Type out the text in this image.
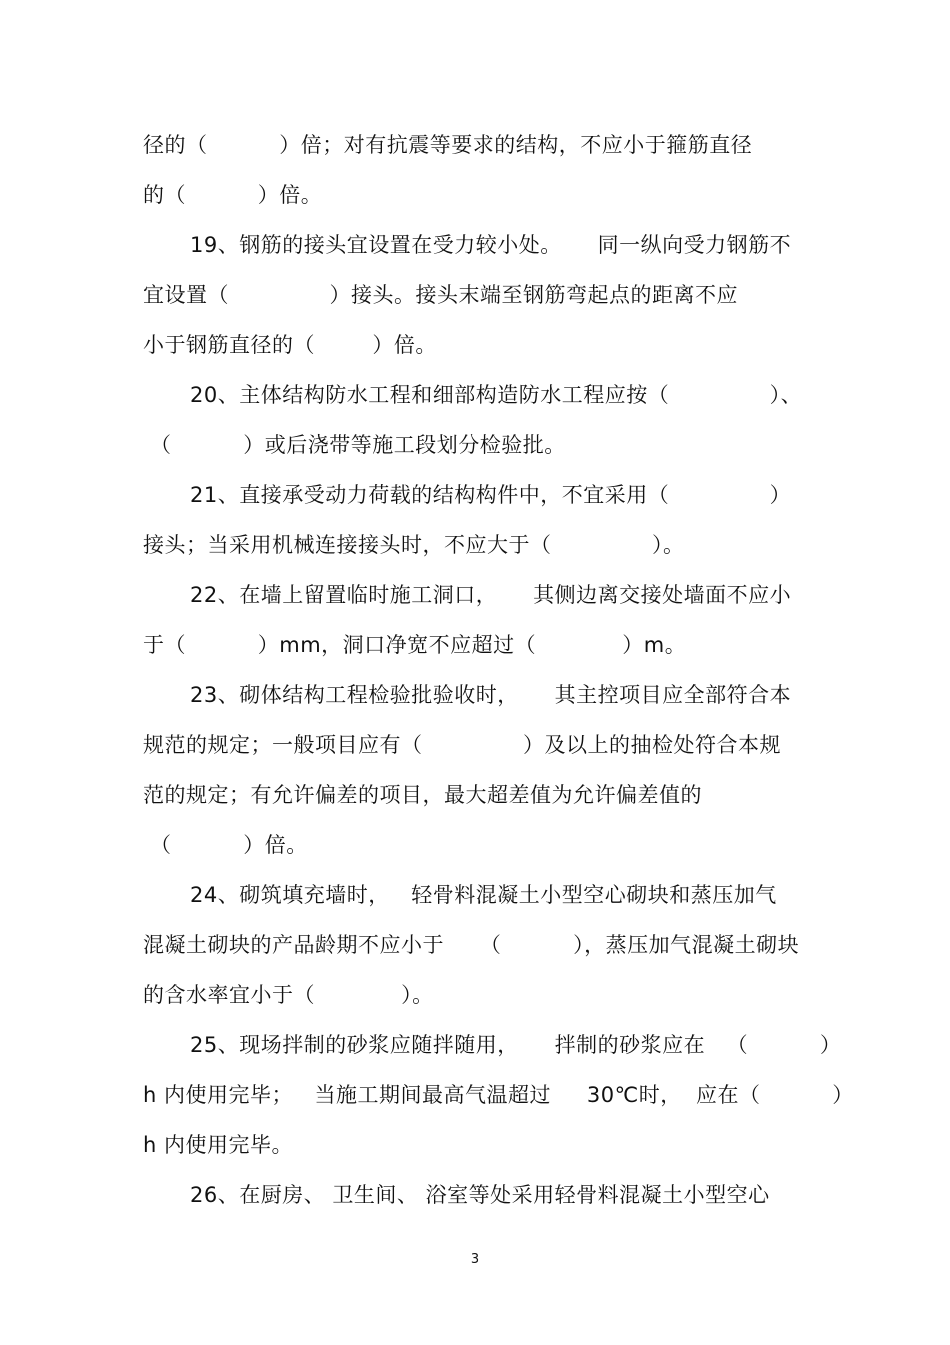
径的（          ）倍；对有抗震等要求的结构，不应小于箍筋直径
的（          ）倍。
19、钢筋的接头宜设置在受力较小处。     同一纵向受力钢筋不
宜设置（              ）接头。接头末端至钢筋弯起点的距离不应
小于钢筋直径的（        ）倍。
20、主体结构防水工程和细部构造防水工程应按（              ）、
（          ）或后浇带等施工段划分检验批。
21、直接承受动力荷载的结构构件中，不宜采用（              ）
接头；当采用机械连接接头时，不应大于（              ）。
22、在墙上留置临时施工洞口，     其侧边离交接处墙面不应小
于（          ）mm，洞口净宽不应超过（            ）m。
23、砌体结构工程检验批验收时，     其主控项目应全部符合本
规范的规定；一般项目应有（              ）及以上的抽检处符合本规
范的规定；有允许偏差的项目，最大超差值为允许偏差值的
（          ）倍。
24、砌筑填充墙时，   轻骨料混凝土小型空心砌块和蒸压加气
混凝土砌块的产品龄期不应小于     （          ），蒸压加气混凝土砌块
的含水率宜小于（            ）。
25、现场拌制的砂浆应随拌随用，     拌制的砂浆应在   （          ）
h 内使用完毕；   当施工期间最高气温超过     30℃时，  应在（          ）
h 内使用完毕。
26、在厨房、 卫生间、 浴室等处采用轻骨料混凝土小型空心
3
